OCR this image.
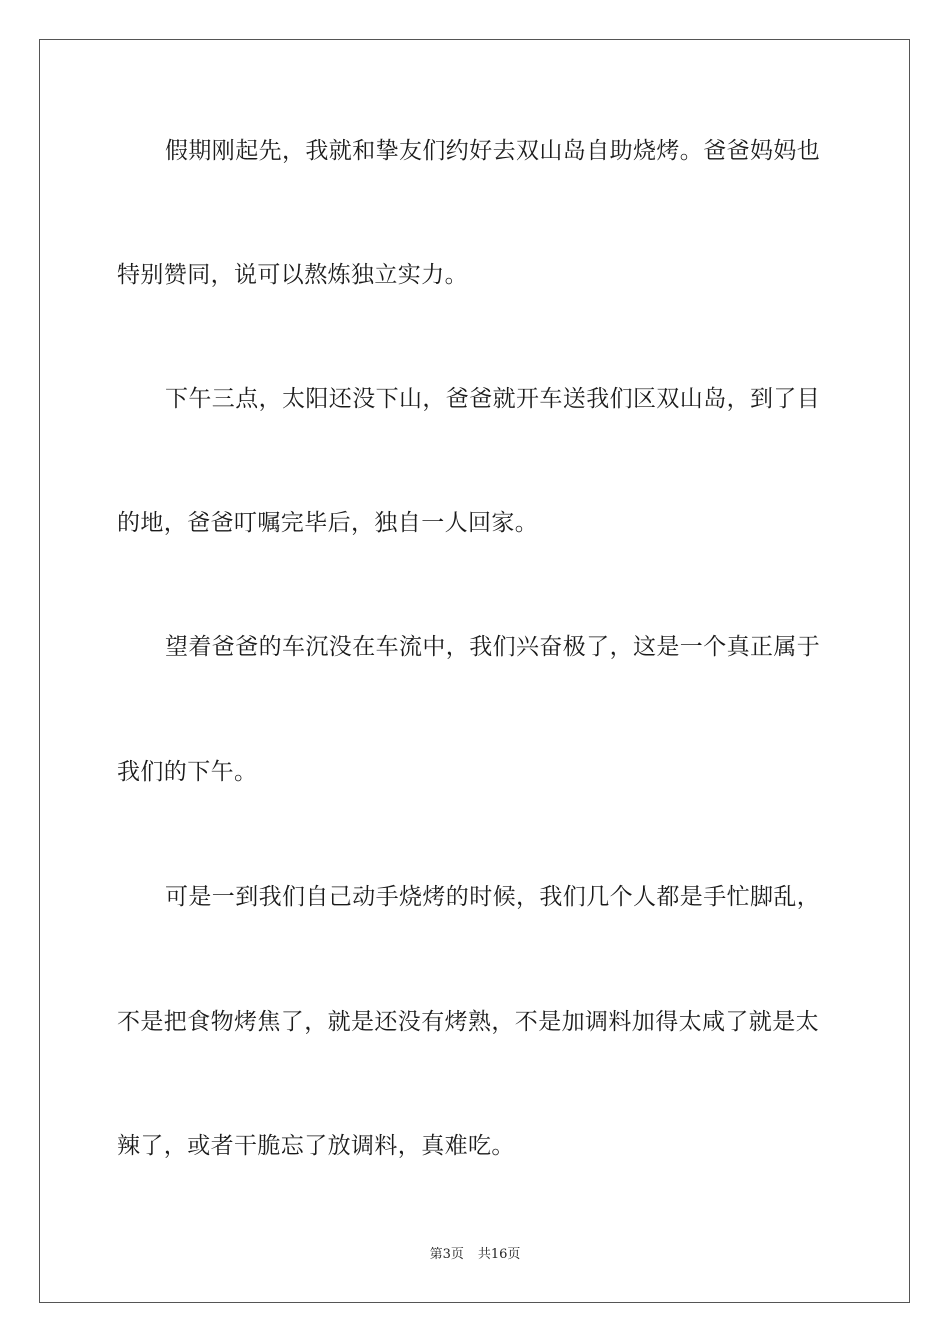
假期刚起先，我就和挚友们约好去双山岛自助烧烤。爸爸妈妈也
特别赞同，说可以熬炼独立实力。
下午三点，太阳还没下山，爸爸就开车送我们区双山岛，到了目
的地，爸爸叮嘱完毕后，独自一人回家。
望着爸爸的车沉没在车流中，我们兴奋极了，这是一个真正属于
我们的下午。
可是一到我们自己动手烧烤的时候，我们几个人都是手忙脚乱，
不是把食物烤焦了，就是还没有烤熟，不是加调料加得太咸了就是太
辣了，或者干脆忘了放调料，真难吃。
第3页 共16页
